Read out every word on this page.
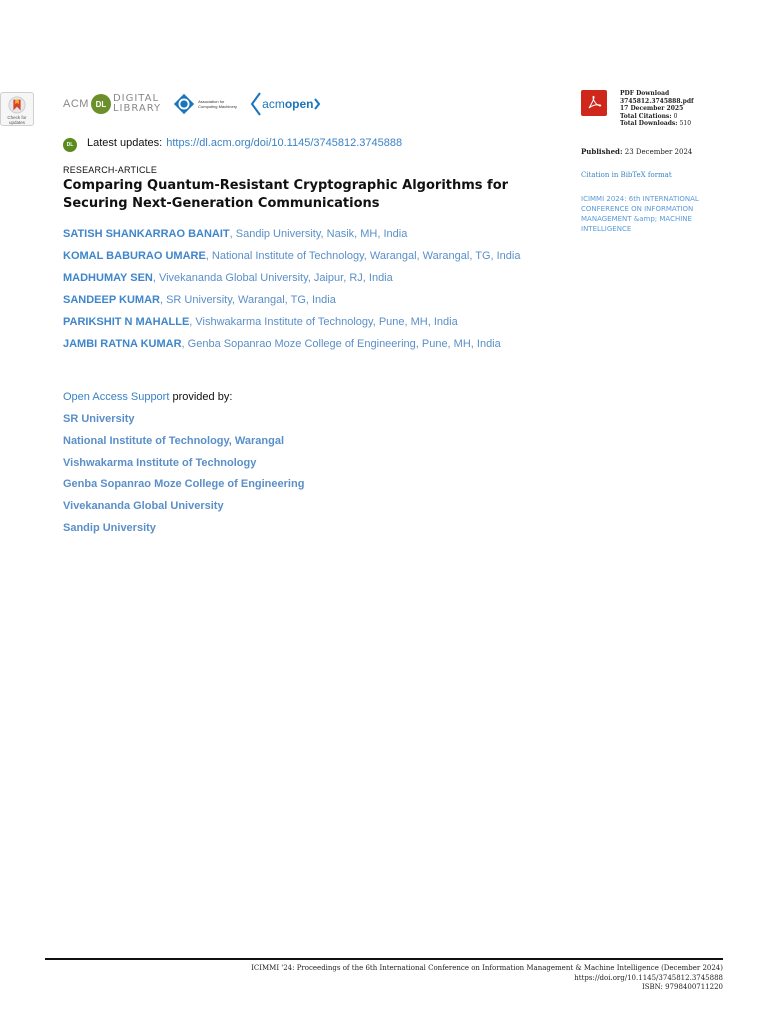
Check for
updates
ACM DL DIGITAL
LIBRARY
Association for
Computing Machinery acmopen
DL	Latest updates: https://dl.acm.org/doi/10.1145/3745812.3745888
RESEARCH-ARTICLE
Comparing Quantum-Resistant Cryptographic Algorithms for Securing Next-Generation Communications
SATISH SHANKARRAO BANAIT, Sandip University, Nasik, MH, India
KOMAL BABURAO UMARE, National Institute of Technology, Warangal, Warangal, TG, India
MADHUMAY SEN, Vivekananda Global University, Jaipur, RJ, India
SANDEEP KUMAR, SR University, Warangal, TG, India
PARIKSHIT N MAHALLE, Vishwakarma Institute of Technology, Pune, MH, India
JAMBI RATNA KUMAR, Genba Sopanrao Moze College of Engineering, Pune, MH, India
Open Access Support provided by:
SR University
National Institute of Technology, Warangal
Vishwakarma Institute of Technology
Genba Sopanrao Moze College of Engineering
Vivekananda Global University
Sandip University
PDF Download
3745812.3745888.pdf
17 December 2025
Total Citations: 0
Total Downloads: 510
Published: 23 December 2024
Citation in BibTeX format
ICIMMI 2024: 6th INTERNATIONAL CONFERENCE ON INFORMATION MANAGEMENT &amp; MACHINE INTELLIGENCE
ICIMMI '24: Proceedings of the 6th International Conference on Information Management & Machine Intelligence (December 2024)
https://doi.org/10.1145/3745812.3745888
ISBN: 9798400711220
